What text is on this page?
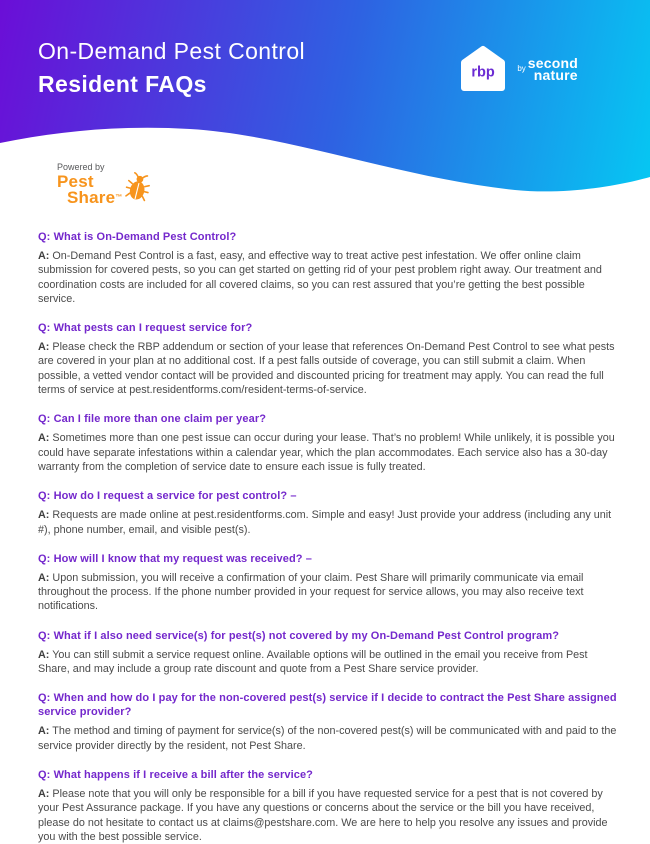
On-Demand Pest Control
Resident FAQs	rbp	by second
nature
Powered by
Pest
Share™
Q: What is On-Demand Pest Control?
A: On-Demand Pest Control is a fast, easy, and effective way to treat active pest infestation. We offer online claim submission for covered pests, so you can get started on getting rid of your pest problem right away. Our treatment and coordination costs are included for all covered claims, so you can rest assured that you’re getting the best possible service.
Q: What pests can I request service for?
A: Please check the RBP addendum or section of your lease that references On-Demand Pest Control to see what pests are covered in your plan at no additional cost. If a pest falls outside of coverage, you can still submit a claim. When possible, a vetted vendor contact will be provided and discounted pricing for treatment may apply. You can read the full terms of service at pest.residentforms.com/resident-terms-of-service.
Q: Can I file more than one claim per year?
A: Sometimes more than one pest issue can occur during your lease. That’s no problem! While unlikely, it is possible you could have separate infestations within a calendar year, which the plan accommodates. Each service also has a 30-day warranty from the completion of service date to ensure each issue is fully treated.
Q: How do I request a service for pest control? –
A: Requests are made online at pest.residentforms.com. Simple and easy! Just provide your address (including any unit #), phone number, email, and visible pest(s).
Q: How will I know that my request was received? –
A: Upon submission, you will receive a confirmation of your claim. Pest Share will primarily communicate via email throughout the process. If the phone number provided in your request for service allows, you may also receive text notifications.
Q: What if I also need service(s) for pest(s) not covered by my On-Demand Pest Control program?
A: You can still submit a service request online. Available options will be outlined in the email you receive from Pest Share, and may include a group rate discount and quote from a Pest Share service provider.
Q: When and how do I pay for the non-covered pest(s) service if I decide to contract the Pest Share assigned service provider?
A: The method and timing of payment for service(s) of the non-covered pest(s) will be communicated with and paid to the service provider directly by the resident, not Pest Share.
Q: What happens if I receive a bill after the service?
A: Please note that you will only be responsible for a bill if you have requested service for a pest that is not covered by your Pest Assurance package. If you have any questions or concerns about the service or the bill you have received, please do not hesitate to contact us at claims@pestshare.com. We are here to help you resolve any issues and provide you with the best possible service.
